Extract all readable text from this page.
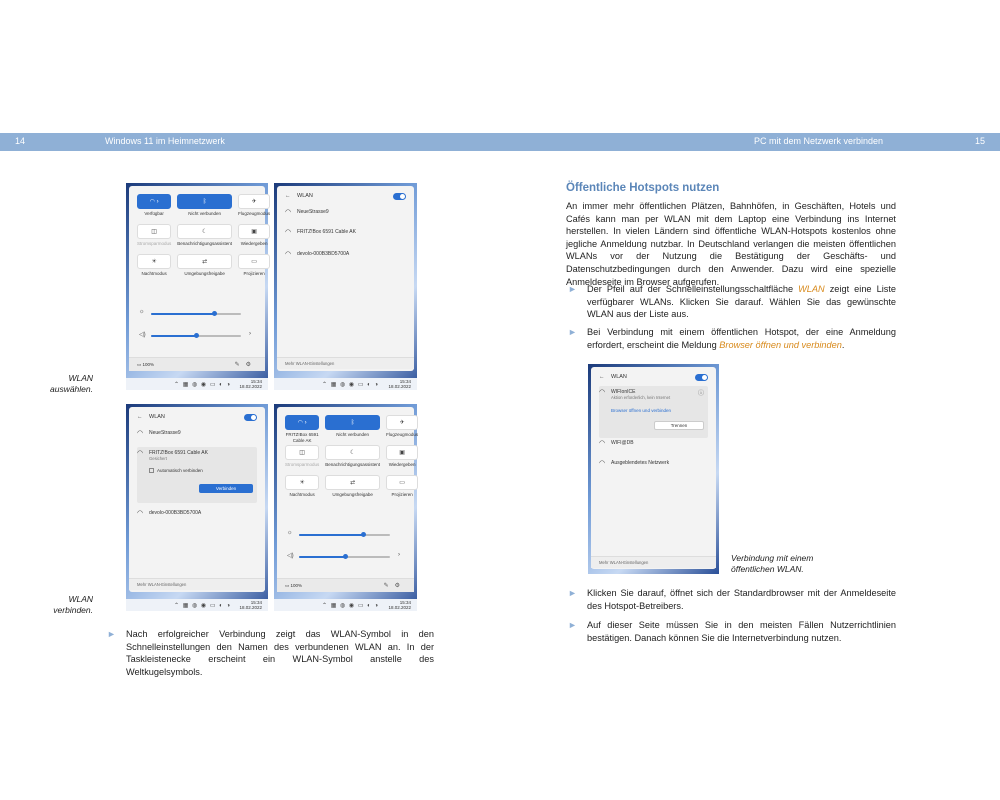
14	Windows 11 im Heimnetzwerk	PC mit dem Netzwerk verbinden	15
WLAN auswählen.
WLAN verbinden.
Verbindung mit einem öffentlichen WLAN.
◠ ›
Verfügbar
ᛒ
Nicht verbunden
✈
Flugzeugmodus
◫
Stromsparmodus
☾
Benachrichtigungsassistent
▣
Wiedergeben
☀
Nachtmodus
⇄
Umgebungsfreigabe
▭
Projizieren
☼
◁)	›
▭ 100%	✎⚙
⌃ ▦ ◍ ◉ ▭ ◐ ◑
15:34
18.02.2022
← WLAN
◠ NeueStrasse9
◠ FRITZ!Box 6591 Cable AK
◠ devolo-000B3BD5700A
Mehr WLAN-Einstellungen
⌃ ▦ ◍ ◉ ▭ ◐ ◑
15:34
18.02.2022
← WLAN
◠ NeueStrasse9
◠ FRITZ!Box 6591 Cable AK
Gesichert
Automatisch verbinden
Verbinden
◠ devolo-000B3BD5700A
Mehr WLAN-Einstellungen
⌃ ▦ ◍ ◉ ▭ ◐ ◑
15:34
18.02.2022
◠ ›
FRITZ!Box 6591 Cable AK
ᛒ
Nicht verbunden
✈
Flugzeugmodus
◫
Stromsparmodus
☾
Benachrichtigungsassistent
▣
Wiedergeben
☀
Nachtmodus
⇄
Umgebungsfreigabe
▭
Projizieren
☼
◁)	›
▭ 100%	✎⚙
⌃ ▦ ◍ ◉ ▭ ◐ ◑
15:34
18.02.2022
► Nach erfolgreicher Verbindung zeigt das WLAN-Symbol in den Schnelleinstellungen den Namen des verbundenen WLAN an. In der Taskleistenecke erscheint ein WLAN-Symbol anstelle des Weltkugelsymbols.
Öffentliche Hotspots nutzen
An immer mehr öffentlichen Plätzen, Bahnhöfen, in Geschäften, Hotels und Cafés kann man per WLAN mit dem Laptop eine Verbindung ins Internet herstellen. In vielen Ländern sind öffentliche WLAN-Hotspots kostenlos ohne jegliche Anmeldung nutzbar. In Deutschland verlangen die meisten öffentlichen WLANs vor der Nutzung die Bestätigung der Geschäfts- und Datenschutzbedingungen durch den Anwender. Dazu wird eine spezielle Anmeldeseite im Browser aufgerufen.
► Der Pfeil auf der Schnelleinstellungsschaltfläche WLAN zeigt eine Liste verfügbarer WLANs. Klicken Sie darauf. Wählen Sie das gewünschte WLAN aus der Liste aus.
► Bei Verbindung mit einem öffentlichen Hotspot, der eine Anmeldung erfordert, erscheint die Meldung Browser öffnen und verbinden.
← WLAN
◠ WIFIonICE
Aktion erforderlich, kein Internet
ⓘ
Browser öffnen und verbinden
Trennen
◠ WIFI@DB
◠ Ausgeblendetes Netzwerk
Mehr WLAN-Einstellungen
► Klicken Sie darauf, öffnet sich der Standardbrowser mit der Anmeldeseite des Hotspot-Betreibers.
► Auf dieser Seite müssen Sie in den meisten Fällen Nutzerrichtlinien bestätigen. Danach können Sie die Internetverbindung nutzen.
